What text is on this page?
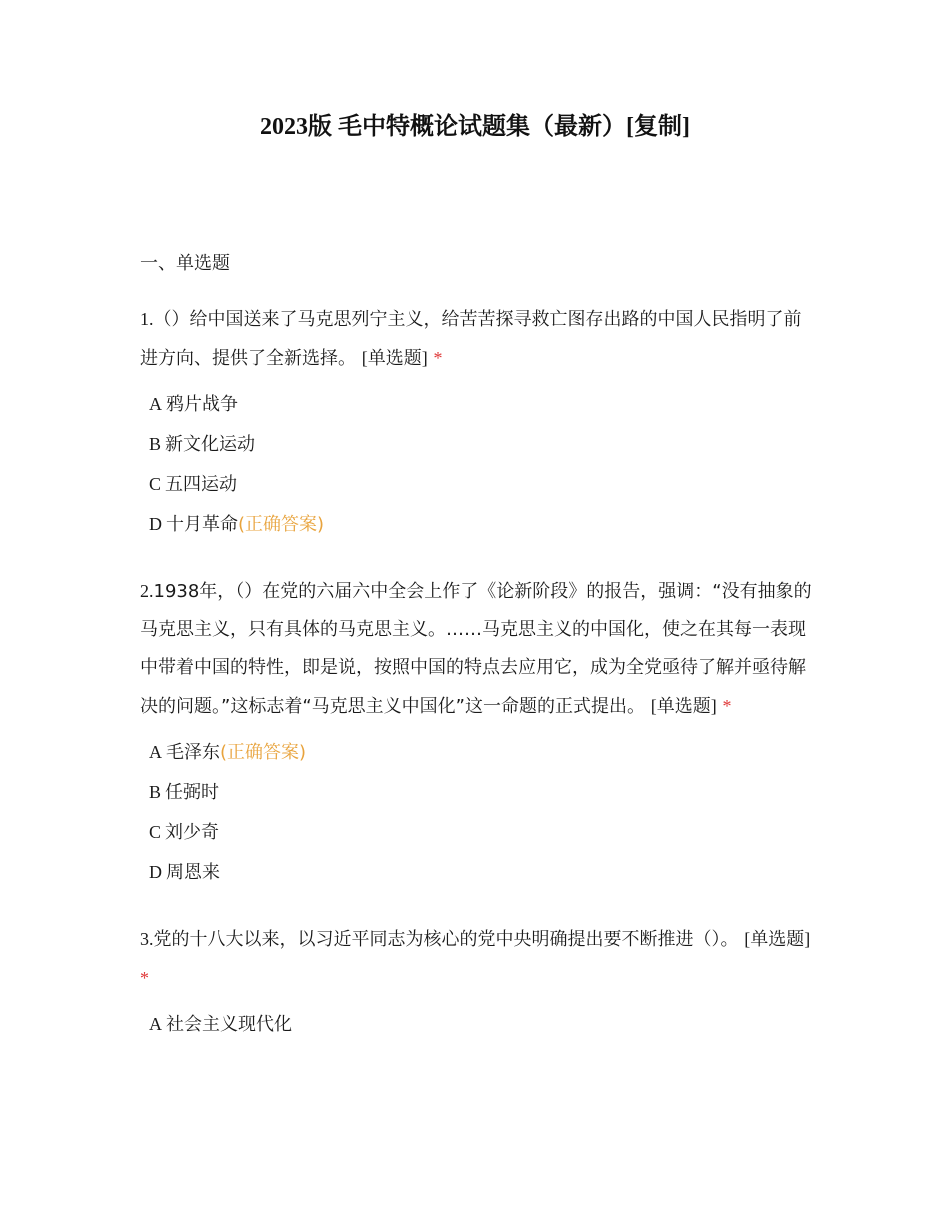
2023版 毛中特概论试题集（最新）[复制]
一、单选题

1.（）给中国送来了马克思列宁主义，给苦苦探寻救亡图存出路的中国人民指明了前进方向、提供了全新选择。 [单选题] *

A 鸦片战争
B 新文化运动
C 五四运动
D 十月革命(正确答案)

2.1938年，（）在党的六届六中全会上作了《论新阶段》的报告，强调：“没有抽象的马克思主义，只有具体的马克思主义。……马克思主义的中国化，使之在其每一表现中带着中国的特性，即是说，按照中国的特点去应用它，成为全党亟待了解并亟待解决的问题。”这标志着“马克思主义中国化”这一命题的正式提出。 [单选题] *

A 毛泽东(正确答案)
B 任弼时
C 刘少奇
D 周恩来

3.党的十八大以来，以习近平同志为核心的党中央明确提出要不断推进（）。 [单选题] *

A 社会主义现代化
